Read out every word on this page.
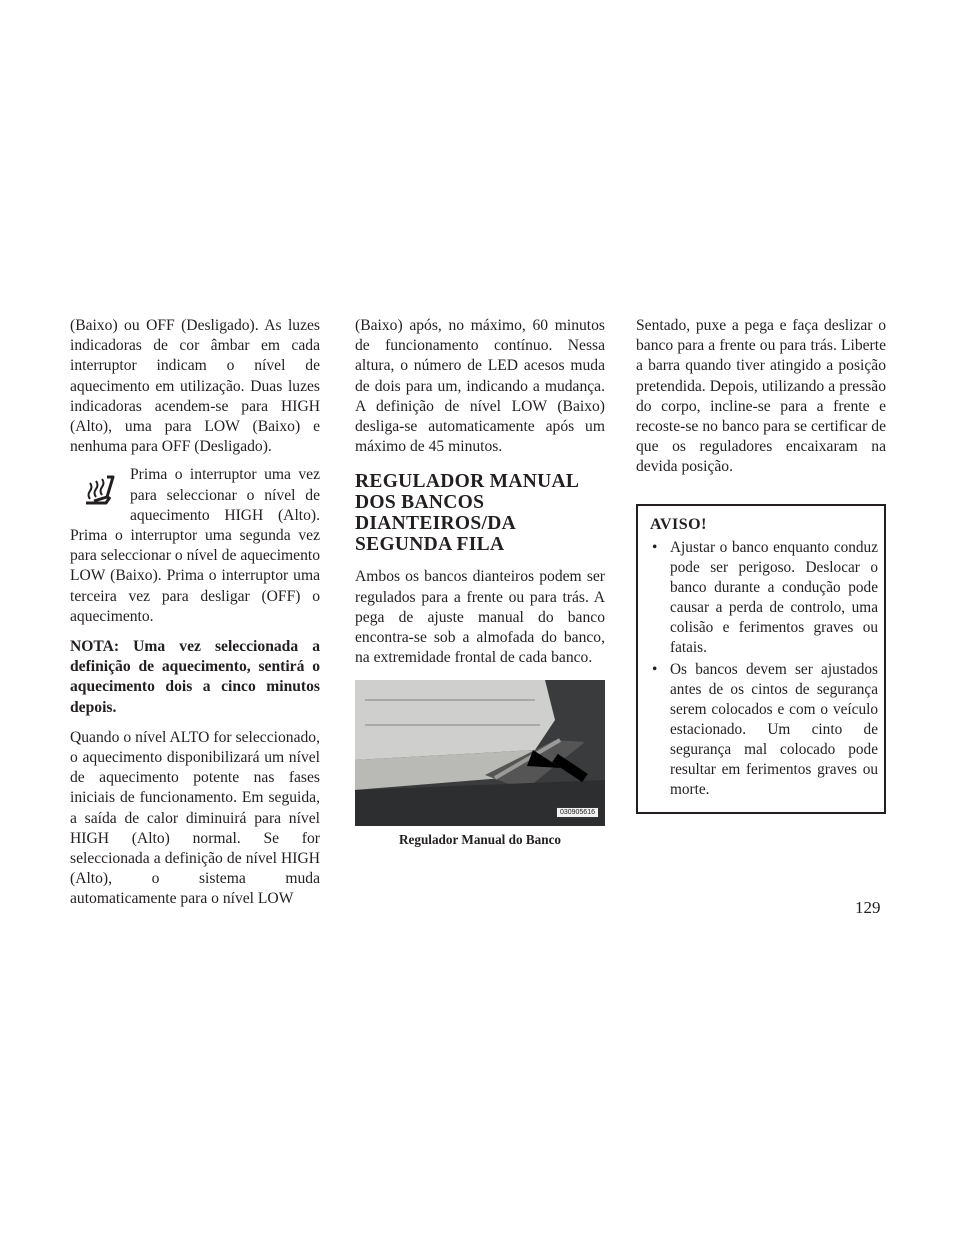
(Baixo) ou OFF (Desligado). As luzes indicadoras de cor âmbar em cada interruptor indicam o nível de aquecimento em utilização. Duas luzes indicadoras acendem-se para HIGH (Alto), uma para LOW (Baixo) e nenhuma para OFF (Desligado).

Prima o interruptor uma vez para seleccionar o nível de aquecimento HIGH (Alto). Prima o interruptor uma segunda vez para seleccionar o nível de aquecimento LOW (Baixo). Prima o interruptor uma terceira vez para desligar (OFF) o aquecimento.

NOTA: Uma vez seleccionada a definição de aquecimento, sentirá o aquecimento dois a cinco minutos depois.

Quando o nível ALTO for seleccionado, o aquecimento disponibilizará um nível de aquecimento potente nas fases iniciais de funcionamento. Em seguida, a saída de calor diminuirá para nível HIGH (Alto) normal. Se for seleccionada a definição de nível HIGH (Alto), o sistema muda automaticamente para o nível LOW

(Baixo) após, no máximo, 60 minutos de funcionamento contínuo. Nessa altura, o número de LED acesos muda de dois para um, indicando a mudança. A definição de nível LOW (Baixo) desliga-se automaticamente após um máximo de 45 minutos.

REGULADOR MANUAL DOS BANCOS DIANTEIROS/DA SEGUNDA FILA

Ambos os bancos dianteiros podem ser regulados para a frente ou para trás. A pega de ajuste manual do banco encontra-se sob a almofada do banco, na extremidade frontal de cada banco.

030905616
Regulador Manual do Banco

Sentado, puxe a pega e faça deslizar o banco para a frente ou para trás. Liberte a barra quando tiver atingido a posição pretendida. Depois, utilizando a pressão do corpo, incline-se para a frente e recoste-se no banco para se certificar de que os reguladores encaixaram na devida posição.

AVISO!
• Ajustar o banco enquanto conduz pode ser perigoso. Deslocar o banco durante a condução pode causar a perda de controlo, uma colisão e ferimentos graves ou fatais.
• Os bancos devem ser ajustados antes de os cintos de segurança serem colocados e com o veículo estacionado. Um cinto de segurança mal colocado pode resultar em ferimentos graves ou morte.
129
